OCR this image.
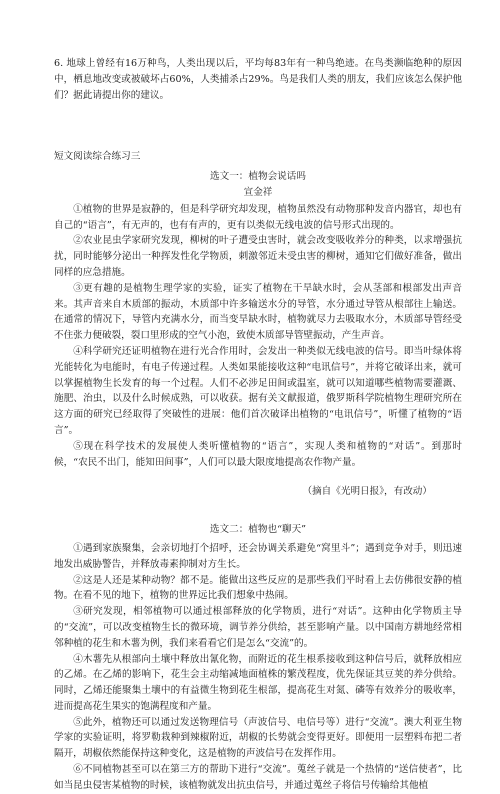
6. 地球上曾经有16万种鸟，人类出现以后，平均每83年有一种鸟绝迹。在鸟类濒临绝种的原因中，栖息地改变或被破坏占60%，人类捕杀占29%。鸟是我们人类的朋友，我们应该怎么保护他们？据此请提出你的建议。

短文阅读综合练习三

选文一：植物会说话吗

宣金祥

①植物的世界是寂静的，但是科学研究却发现，植物虽然没有动物那种发音内器官，却也有自己的“语言”，有无声的，也有有声的，更有以类似无线电波的信号形式出现的。

②农业昆虫学家研究发现，柳树的叶子遭受虫害时，就会改变吸收养分的种类，以求增强抗扰，同时能够分泌出一种挥发性化学物质，刺激邻近未受虫害的柳树，通知它们做好准备，做出同样的应急措施。

③更有趣的是植物生理学家的实验，证实了植物在干旱缺水时，会从茎部和根部发出声音来。其声音来自木质部的振动，木质部中许多输送水分的导管，水分通过导管从根部往上输送。在通常的情况下，导管内充满水分，而当变旱缺水时，植物就尽力去吸取水分，木质部导管经受不住张力便破裂，裂口里形成的空气小泡，致使木质部导管壁振动，产生声音。

④科学研究还证明植物在进行光合作用时，会发出一种类似无线电波的信号。即当叶绿体将光能转化为电能时，有电子传递过程。人类如果能接收这种“电讯信号”，并将它破译出来，就可以掌握植物生长发育的每一个过程。人们不必涉足田间或温室，就可以知道哪些植物需要灌溉、施肥、治虫，以及什么时候成熟，可以收获。据有关文献报道，俄罗斯科学院植物生理研究所在这方面的研究已经取得了突破性的进展：他们首次破译出植物的“电讯信号”，听懂了植物的“语言”。

⑤现在科学技术的发展使人类听懂植物的“语言”，实现人类和植物的“对话”。到那时候，“农民不出门，能知田间事”，人们可以最大限度地提高农作物产量。

（摘自《光明日报》，有改动）

选文二：植物也“聊天”

①遇到家族聚集，会亲切地打个招呼，还会协调关系避免“窝里斗”；遇到竞争对手，则迅速地发出威胁警告，并释放毒素抑制对方生长。

②这是人还是某种动物？都不是。能做出这些反应的是那些我们平时看上去仿佛很安静的植物。在看不见的地下，植物的世界远比我们想象中热闹。

③研究发现，相邻植物可以通过根部释放的化学物质，进行“对话”。这种由化学物质主导的“交流”，可以改变植物生长的微环境，调节养分供给，甚至影响产量。以中国南方耕地经常相邻种植的花生和木薯为例，我们来看看它们是怎么“交流”的。

④木薯先从根部向土壤中释放出氰化物，而附近的花生根系接收到这种信号后，就释放相应的乙烯。在乙烯的影响下，花生会主动缩减地面植株的繁茂程度，优先保证其豆荚的养分供给。同时，乙烯还能聚集土壤中的有益微生物到花生根部，提高花生对氮、磷等有效养分的吸收率，进而提高花生果实的饱满程度和产量。

⑤此外，植物还可以通过发送物理信号（声波信号、电信号等）进行“交流”。澳大利亚生物学家的实验证明，将罗勒栽种到辣椒附近，胡椒的长势就会变得更好。即便用一层塑料布把二者隔开，胡椒依然能保持这种变化，这是植物的声波信号在发挥作用。

⑥不同植物甚至可以在第三方的帮助下进行“交流”。蒐丝子就是一个热情的“送信使者”，比如当昆虫侵害某植物的时候，该植物就发出抗虫信号，并通过蒐丝子将信号传输给其他植
